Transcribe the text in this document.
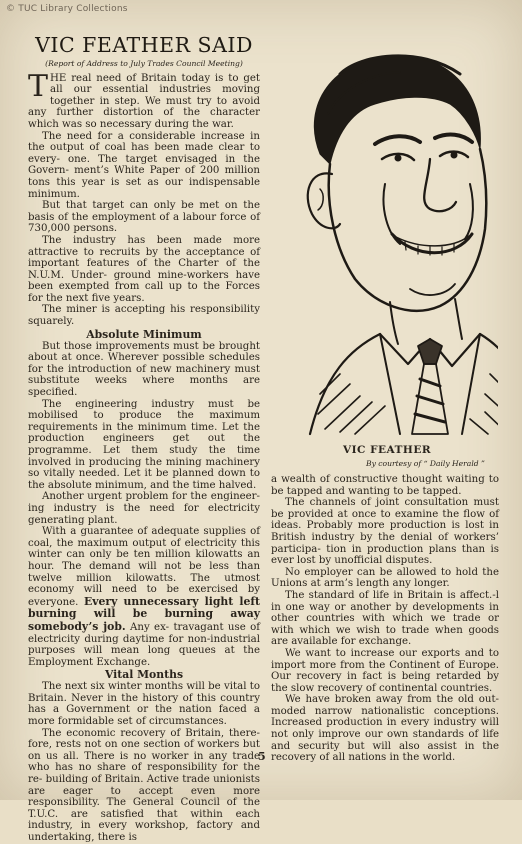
© TUC Library Collections
VIC FEATHER SAID
(Report of Address to July Trades Council Meeting)

THE real need of Britain today is to get all our essential industries moving together in step. We must try to avoid any further distortion of the character which was so necessary during the war.

The need for a considerable increase in the output of coal has been made clear to every- one. The target envisaged in the Govern- ment’s White Paper of 200 million tons this year is set as our indispensable minimum.

But that target can only be met on the basis of the employment of a labour force of 730,000 persons.

The industry has been made more attractive to recruits by the acceptance of important features of the Charter of the N.U.M. Under- ground mine-workers have been exempted from call up to the Forces for the next five years.

The miner is accepting his responsibility squarely.

Absolute Minimum

But those improvements must be brought about at once. Wherever possible schedules for the introduction of new machinery must substitute weeks where months are specified.

The engineering industry must be mobilised to produce the maximum requirements in the minimum time. Let the production engineers get out the programme. Let them study the time involved in producing the mining machinery so vitally needed. Let it be planned down to the absolute minimum, and the time halved.

Another urgent problem for the engineer- ing industry is the need for electricity generating plant.

With a guarantee of adequate supplies of coal, the maximum output of electricity this winter can only be ten million kilowatts an hour. The demand will not be less than twelve million kilowatts. The utmost economy will need to be exercised by everyone. Every unnecessary light left burning will be burning away somebody’s job. Any ex- travagant use of electricity during daytime for non-industrial purposes will mean long queues at the Employment Exchange.

Vital Months

The next six winter months will be vital to Britain. Never in the history of this country has a Government or the nation faced a more formidable set of circumstances.

The economic recovery of Britain, there- fore, rests not on one section of workers but on us all. There is no worker in any trade who has no share of responsibility for the re- building of Britain. Active trade unionists are eager to accept even more responsibility. The General Council of the T.U.C. are satisfied that within each industry, in every workshop, factory and undertaking, there is

VIC FEATHER
By courtesy of “ Daily Herald ”

a wealth of constructive thought waiting to be tapped and wanting to be tapped.

The channels of joint consultation must be provided at once to examine the flow of ideas. Probably more production is lost in British industry by the denial of workers’ participa- tion in production plans than is ever lost by unofficial disputes.

No employer can be allowed to hold the Unions at arm’s length any longer.

The standard of life in Britain is affect.-l in one way or another by developments in other countries with which we trade or with which we wish to trade when goods are available for exchange.

We want to increase our exports and to import more from the Continent of Europe. Our recovery in fact is being retarded by the slow recovery of continental countries.

We have broken away from the old out- moded narrow nationalistic conceptions. Increased production in every industry will not only improve our own standards of life and security but will also assist in the recovery of all nations in the world.

5
